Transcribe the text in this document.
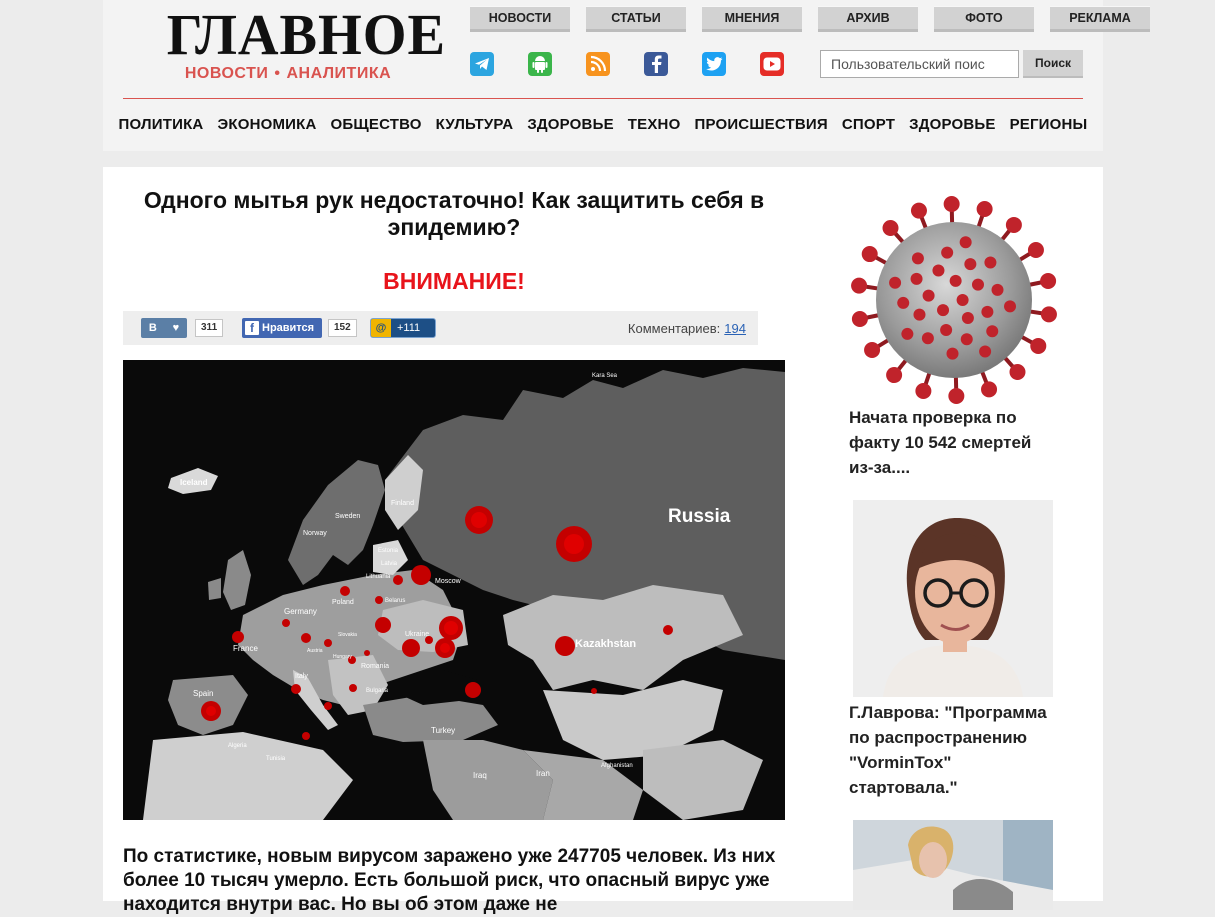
ГЛАВНОЕ
НОВОСТИ • АНАЛИТИКА
НОВОСТИ	СТАТЬИ	МНЕНИЯ	АРХИВ	ФОТО	РЕКЛАМА
Пользовательский поис
Поиск
ПОЛИТИКА ЭКОНОМИКА ОБЩЕСТВО КУЛЬТУРА ЗДОРОВЬЕ ТЕХНО ПРОИСШЕСТВИЯ СПОРТ ЗДОРОВЬЕ РЕГИОНЫ
Одного мытья рук недостаточно! Как защитить себя в эпидемию?
ВНИМАНИЕ!
В ♥	311	f Нравится	152	@ +111	Комментариев: 194
Russia
Kazakhstan
Iceland
Norway
Sweden
Finland
Estonia
Latvia
Lithuania
Moscow
Belarus
Poland
Germany
France
Ukraine
Romania
Bulgaria
Italy
Spain
Turkey
Iraq	Iran
Kara Sea
Algeria
Tunisia
Afghanistan
Hungary
Slovakia
Austria

По статистике, новым вирусом заражено уже 247705 человек. Из них более 10 тысяч умерло. Есть большой риск, что опасный вирус уже находится внутри вас. Но вы об этом даже не

Начата проверка по факту 10 542 смертей из-за....
Г.Лаврова: "Программа по распространению "VorminTox" стартовала."
